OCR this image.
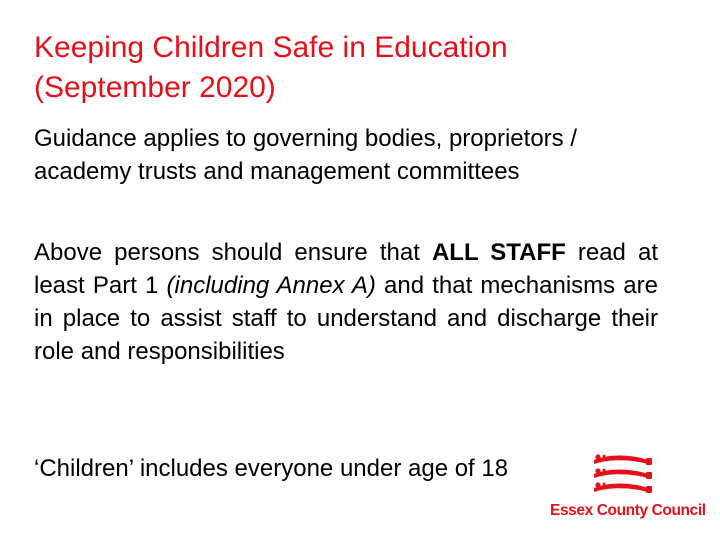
Keeping Children Safe in Education
(September 2020)
Guidance applies to governing bodies, proprietors / academy trusts and management committees
Above persons should ensure that ALL STAFF read at least Part 1 (including Annex A) and that mechanisms are in place to assist staff to understand and discharge their role and responsibilities
‘Children’ includes everyone under age of 18
Essex County Council
